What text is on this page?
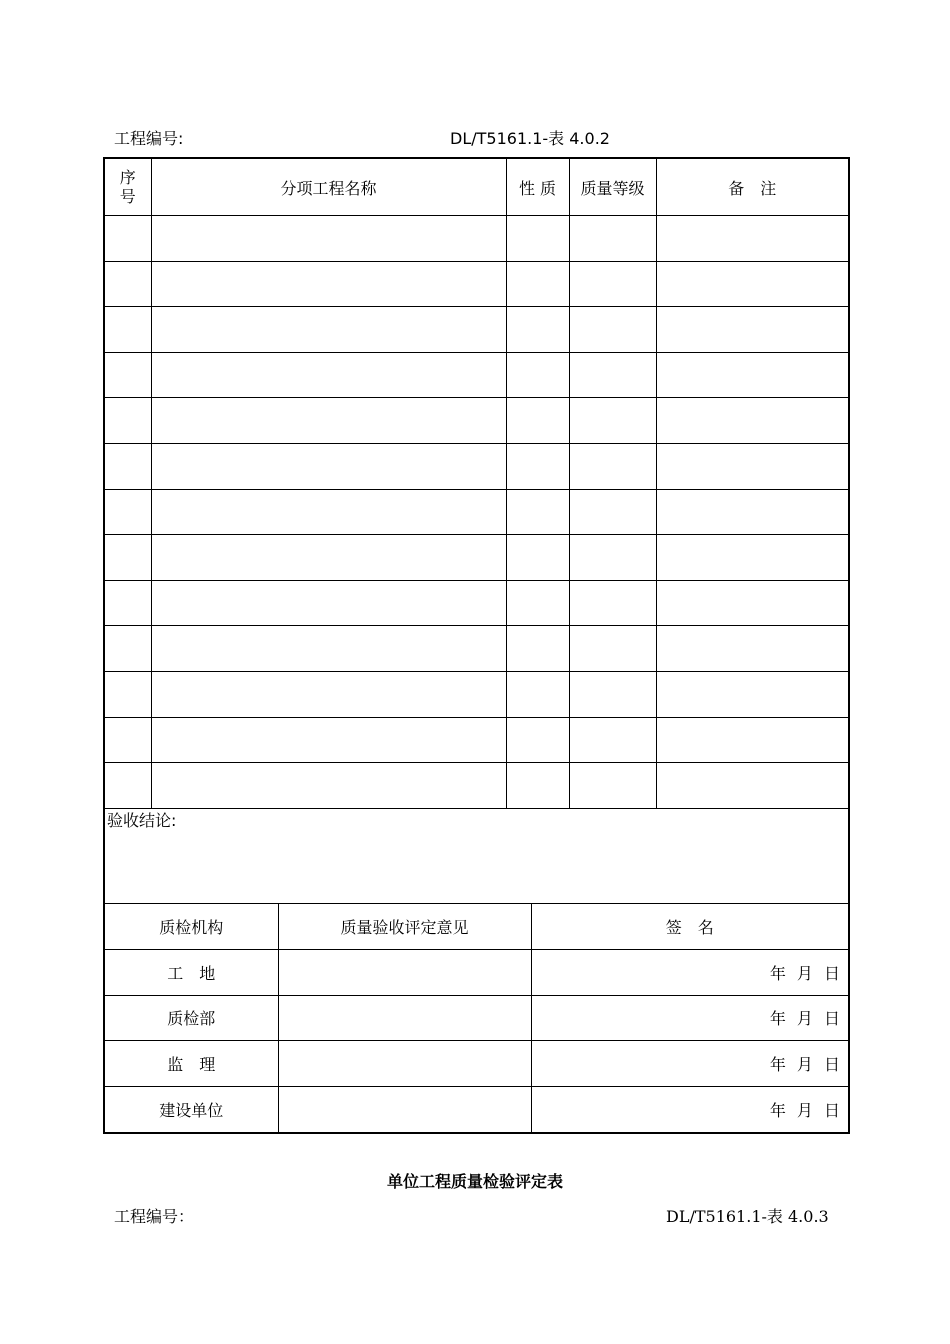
工程编号:	DL/T5161.1-表 4.0.2
序号	分项工程名称	性 质	质量等级	备　注

验收结论:
质检机构	质量验收评定意见	签　名
工　地		年 月 日
质检部		年 月 日
监　理		年 月 日
建设单位		年 月 日
单位工程质量检验评定表
工程编号：	DL/T5161.1-表 4.0.3
